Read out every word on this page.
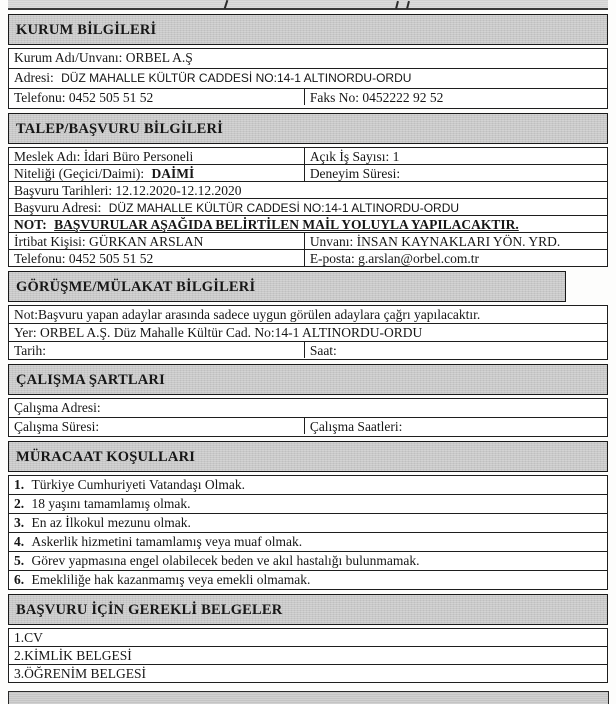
KURUM BİLGİLERİ
Kurum Adı/Unvanı: ORBEL A.Ş
Adresi: DÜZ MAHALLE KÜLTÜR CADDESİ NO:14-1 ALTINORDU-ORDU
Telefonu: 0452 505 51 52	Faks No: 0452222 92 52
TALEP/BAŞVURU BİLGİLERİ
Meslek Adı: İdari Büro Personeli	Açık İş Sayısı: 1
Niteliği (Geçici/Daimi): DAİMİ	Deneyim Süresi:
Başvuru Tarihleri: 12.12.2020-12.12.2020
Başvuru Adresi: DÜZ MAHALLE KÜLTÜR CADDESİ NO:14-1 ALTINORDU-ORDU
NOT: BAŞVURULAR AŞAĞIDA BELİRTİLEN MAİL YOLUYLA YAPILACAKTIR.
İrtibat Kişisi: GÜRKAN ARSLAN	Unvanı: İNSAN KAYNAKLARI YÖN. YRD.
Telefonu: 0452 505 51 52	E-posta: g.arslan@orbel.com.tr
GÖRÜŞME/MÜLAKAT BİLGİLERİ
Not:Başvuru yapan adaylar arasında sadece uygun görülen adaylara çağrı yapılacaktır.
Yer: ORBEL A.Ş. Düz Mahalle Kültür Cad. No:14-1 ALTINORDU-ORDU
Tarih:	Saat:
ÇALIŞMA ŞARTLARI
Çalışma Adresi:
Çalışma Süresi:	Çalışma Saatleri:
MÜRACAAT KOŞULLARI
1. Türkiye Cumhuriyeti Vatandaşı Olmak.
2. 18 yaşını tamamlamış olmak.
3. En az İlkokul mezunu olmak.
4. Askerlik hizmetini tamamlamış veya muaf olmak.
5. Görev yapmasına engel olabilecek beden ve akıl hastalığı bulunmamak.
6. Emekliliğe hak kazanmamış veya emekli olmamak.
BAŞVURU İÇİN GEREKLİ BELGELER
1.CV
2.KİMLİK BELGESİ
3.ÖĞRENİM BELGESİ
